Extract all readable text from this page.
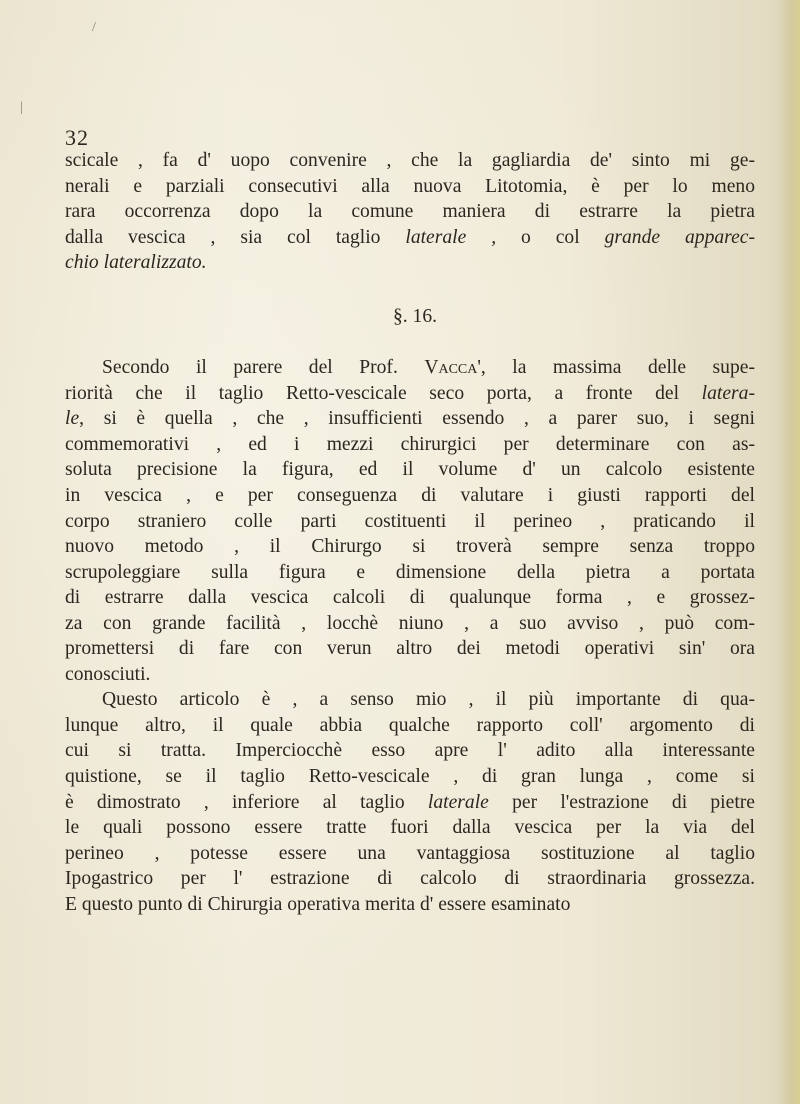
32
scicale , fa d' uopo convenire , che la gagliardia de' sinto mi ge-
nerali e parziali consecutivi alla nuova Litotomia, è per lo meno
rara occorrenza dopo la comune maniera di estrarre la pietra
dalla vescica , sia col taglio laterale , o col grande apparec-
chio lateralizzato.
§. 16.
Secondo il parere del Prof. Vacca', la massima delle supe-
riorità che il taglio Retto-vescicale seco porta, a fronte del latera-
le, si è quella , che , insufficienti essendo , a parer suo, i segni
commemorativi , ed i mezzi chirurgici per determinare con as-
soluta precisione la figura, ed il volume d' un calcolo esistente
in vescica , e per conseguenza di valutare i giusti rapporti del
corpo straniero colle parti costituenti il perineo , praticando il
nuovo metodo , il Chirurgo si troverà sempre senza troppo
scrupoleggiare sulla figura e dimensione della pietra a portata
di estrarre dalla vescica calcoli di qualunque forma , e grossez-
za con grande facilità , locchè niuno , a suo avviso , può com-
promettersi di fare con verun altro dei metodi operativi sin' ora
conosciuti.
Questo articolo è , a senso mio , il più importante di qua-
lunque altro, il quale abbia qualche rapporto coll' argomento di
cui si tratta. Imperciocchè esso apre l' adito alla interessante
quistione, se il taglio Retto-vescicale , di gran lunga , come si
è dimostrato , inferiore al taglio laterale per l'estrazione di pietre
le quali possono essere tratte fuori dalla vescica per la via del
perineo , potesse essere una vantaggiosa sostituzione al taglio
Ipogastrico per l' estrazione di calcolo di straordinaria grossezza.
E questo punto di Chirurgia operativa merita d' essere esaminato
/
|
